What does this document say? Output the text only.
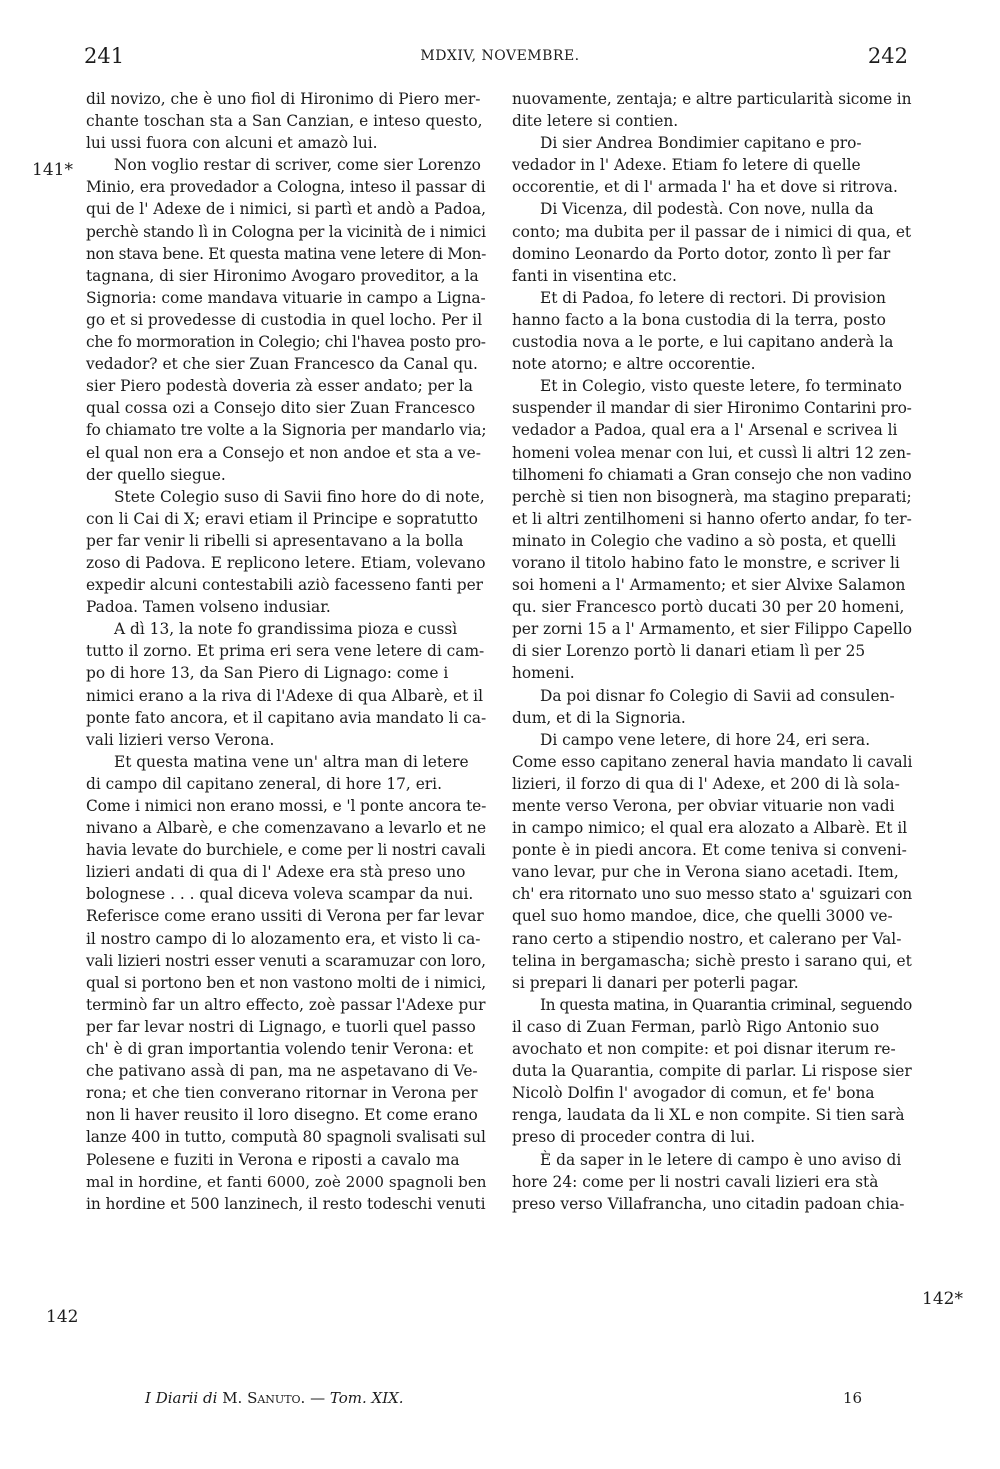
241	MDXIV, NOVEMBRE.	242
141*
142
142*
dil novizo, che è uno fiol di Hironimo di Piero mer-
chante toschan sta a San Canzian, e inteso questo,
lui ussi fuora con alcuni et amazò lui.
Non voglio restar di scriver, come sier Lorenzo
Minio, era provedador a Cologna, inteso il passar di
qui de l' Adexe de i nimici, si partì et andò a Padoa,
perchè stando lì in Cologna per la vicinità de i nimici
non stava bene. Et questa matina vene letere di Mon-
tagnana, di sier Hironimo Avogaro proveditor, a la
Signoria: come mandava vituarie in campo a Ligna-
go et si provedesse di custodia in quel locho. Per il
che fo mormoration in Colegio; chi l'havea posto pro-
vedador? et che sier Zuan Francesco da Canal qu.
sier Piero podestà doveria zà esser andato; per la
qual cossa ozi a Consejo dito sier Zuan Francesco
fo chiamato tre volte a la Signoria per mandarlo via;
el qual non era a Consejo et non andoe et sta a ve-
der quello siegue.
Stete Colegio suso di Savii fino hore do di note,
con li Cai di X; eravi etiam il Principe e sopratutto
per far venir li ribelli si apresentavano a la bolla
zoso di Padova. E replicono letere. Etiam, volevano
expedir alcuni contestabili aziò facesseno fanti per
Padoa. Tamen volseno indusiar.
A dì 13, la note fo grandissima pioza e cussì
tutto il zorno. Et prima eri sera vene letere di cam-
po di hore 13, da San Piero di Lignago: come i
nimici erano a la riva di l'Adexe di qua Albarè, et il
ponte fato ancora, et il capitano avia mandato li ca-
vali lizieri verso Verona.
Et questa matina vene un' altra man di letere
di campo dil capitano zeneral, di hore 17, eri.
Come i nimici non erano mossi, e 'l ponte ancora te-
nivano a Albarè, e che comenzavano a levarlo et ne
havia levate do burchiele, e come per li nostri cavali
lizieri andati di qua di l' Adexe era stà preso uno
bolognese . . . qual diceva voleva scampar da nui.
Referisce come erano ussiti di Verona per far levar
il nostro campo di lo alozamento era, et visto li ca-
vali lizieri nostri esser venuti a scaramuzar con loro,
qual si portono ben et non vastono molti de i nimici,
terminò far un altro effecto, zoè passar l'Adexe pur
per far levar nostri di Lignago, e tuorli quel passo
ch' è di gran importantia volendo tenir Verona: et
che pativano assà di pan, ma ne aspetavano di Ve-
rona; et che tien converano ritornar in Verona per
non li haver reusito il loro disegno. Et come erano
lanze 400 in tutto, computà 80 spagnoli svalisati sul
Polesene e fuziti in Verona e riposti a cavalo ma
mal in hordine, et fanti 6000, zoè 2000 spagnoli ben
in hordine et 500 lanzinech, il resto todeschi venuti
nuovamente, zentaja; e altre particularità sicome in
dite letere si contien.
Di sier Andrea Bondimier capitano e pro-
vedador in l' Adexe. Etiam fo letere di quelle
occorentie, et di l' armada l' ha et dove si ritrova.
Di Vicenza, dil podestà. Con nove, nulla da
conto; ma dubita per il passar de i nimici di qua, et
domino Leonardo da Porto dotor, zonto lì per far
fanti in visentina etc.
Et di Padoa, fo letere di rectori. Di provision
hanno facto a la bona custodia di la terra, posto
custodia nova a le porte, e lui capitano anderà la
note atorno; e altre occorentie.
Et in Colegio, visto queste letere, fo terminato
suspender il mandar di sier Hironimo Contarini pro-
vedador a Padoa, qual era a l' Arsenal e scrivea li
homeni volea menar con lui, et cussì li altri 12 zen-
tilhomeni fo chiamati a Gran consejo che non vadino
perchè si tien non bisognerà, ma stagino preparati;
et li altri zentilhomeni si hanno oferto andar, fo ter-
minato in Colegio che vadino a sò posta, et quelli
vorano il titolo habino fato le monstre, e scriver li
soi homeni a l' Armamento; et sier Alvixe Salamon
qu. sier Francesco portò ducati 30 per 20 homeni,
per zorni 15 a l' Armamento, et sier Filippo Capello
di sier Lorenzo portò li danari etiam lì per 25
homeni.
Da poi disnar fo Colegio di Savii ad consulen-
dum, et di la Signoria.
Di campo vene letere, di hore 24, eri sera.
Come esso capitano zeneral havia mandato li cavali
lizieri, il forzo di qua di l' Adexe, et 200 di là sola-
mente verso Verona, per obviar vituarie non vadi
in campo nimico; el qual era alozato a Albarè. Et il
ponte è in piedi ancora. Et come teniva si conveni-
vano levar, pur che in Verona siano acetadi. Item,
ch' era ritornato uno suo messo stato a' sguizari con
quel suo homo mandoe, dice, che quelli 3000 ve-
rano certo a stipendio nostro, et calerano per Val-
telina in bergamascha; sichè presto i sarano qui, et
si prepari li danari per poterli pagar.
In questa matina, in Quarantia criminal, seguendo
il caso di Zuan Ferman, parlò Rigo Antonio suo
avochato et non compite: et poi disnar iterum re-
duta la Quarantia, compite di parlar. Li rispose sier
Nicolò Dolfin l' avogador di comun, et fe' bona
renga, laudata da li XL e non compite. Si tien sarà
preso di proceder contra di lui.
È da saper in le letere di campo è uno aviso di
hore 24: come per li nostri cavali lizieri era stà
preso verso Villafrancha, uno citadin padoan chia-
I Diarii di M. Sanuto. — Tom. XIX.	16
